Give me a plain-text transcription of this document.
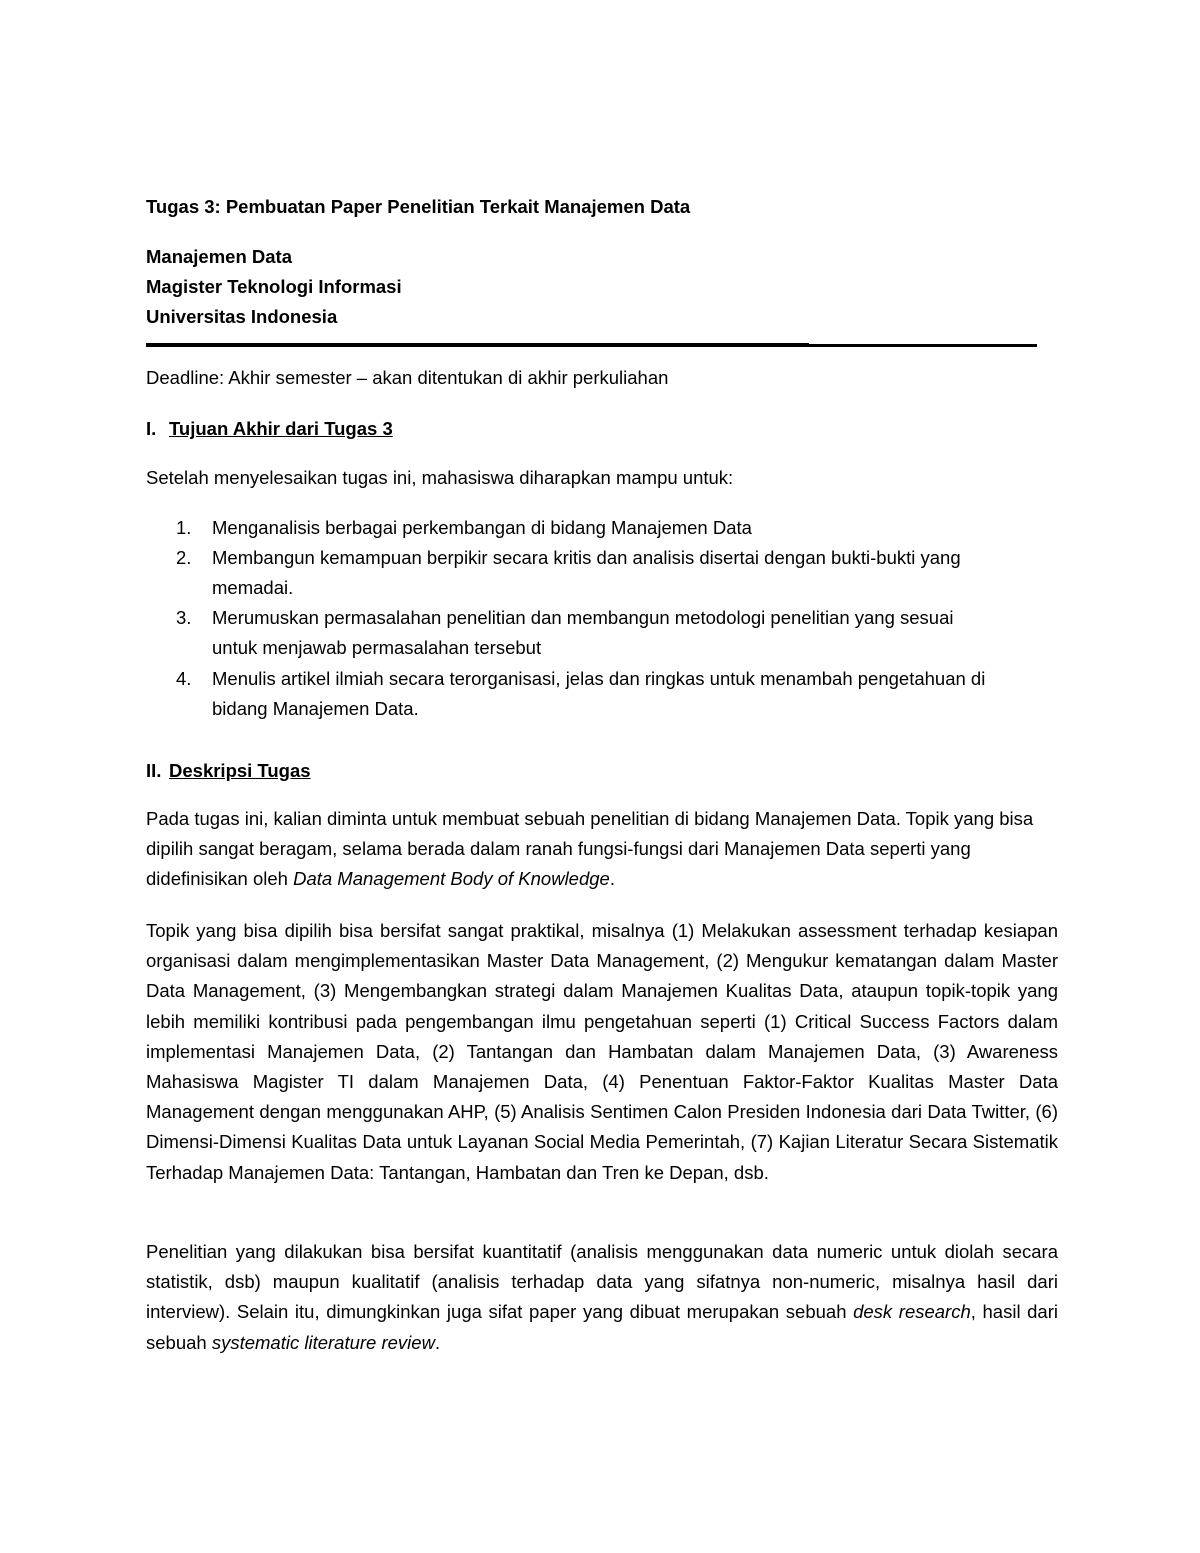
Tugas 3: Pembuatan Paper Penelitian Terkait Manajemen Data
Manajemen Data
Magister Teknologi Informasi
Universitas Indonesia
Deadline: Akhir semester – akan ditentukan di akhir perkuliahan
I. Tujuan Akhir dari Tugas 3
Setelah menyelesaikan tugas ini, mahasiswa diharapkan mampu untuk:
1. Menganalisis berbagai perkembangan di bidang Manajemen Data
2. Membangun kemampuan berpikir secara kritis dan analisis disertai dengan bukti-bukti yang
memadai.
3. Merumuskan permasalahan penelitian dan membangun metodologi penelitian yang sesuai
untuk menjawab permasalahan tersebut
4. Menulis artikel ilmiah secara terorganisasi, jelas dan ringkas untuk menambah pengetahuan di
bidang Manajemen Data.
II. Deskripsi Tugas

Pada tugas ini, kalian diminta untuk membuat sebuah penelitian di bidang Manajemen Data. Topik yang bisa dipilih sangat beragam, selama berada dalam ranah fungsi-fungsi dari Manajemen Data seperti yang didefinisikan oleh Data Management Body of Knowledge.

Topik yang bisa dipilih bisa bersifat sangat praktikal, misalnya (1) Melakukan assessment terhadap kesiapan organisasi dalam mengimplementasikan Master Data Management, (2) Mengukur kematangan dalam Master Data Management, (3) Mengembangkan strategi dalam Manajemen Kualitas Data, ataupun topik-topik yang lebih memiliki kontribusi pada pengembangan ilmu pengetahuan seperti (1) Critical Success Factors dalam implementasi Manajemen Data, (2) Tantangan dan Hambatan dalam Manajemen Data, (3) Awareness Mahasiswa Magister TI dalam Manajemen Data, (4) Penentuan Faktor-Faktor Kualitas Master Data Management dengan menggunakan AHP, (5) Analisis Sentimen Calon Presiden Indonesia dari Data Twitter, (6) Dimensi-Dimensi Kualitas Data untuk Layanan Social Media Pemerintah, (7) Kajian Literatur Secara Sistematik Terhadap Manajemen Data: Tantangan, Hambatan dan Tren ke Depan, dsb.

Penelitian yang dilakukan bisa bersifat kuantitatif (analisis menggunakan data numeric untuk diolah secara statistik, dsb) maupun kualitatif (analisis terhadap data yang sifatnya non-numeric, misalnya hasil dari interview). Selain itu, dimungkinkan juga sifat paper yang dibuat merupakan sebuah desk research, hasil dari sebuah systematic literature review.
